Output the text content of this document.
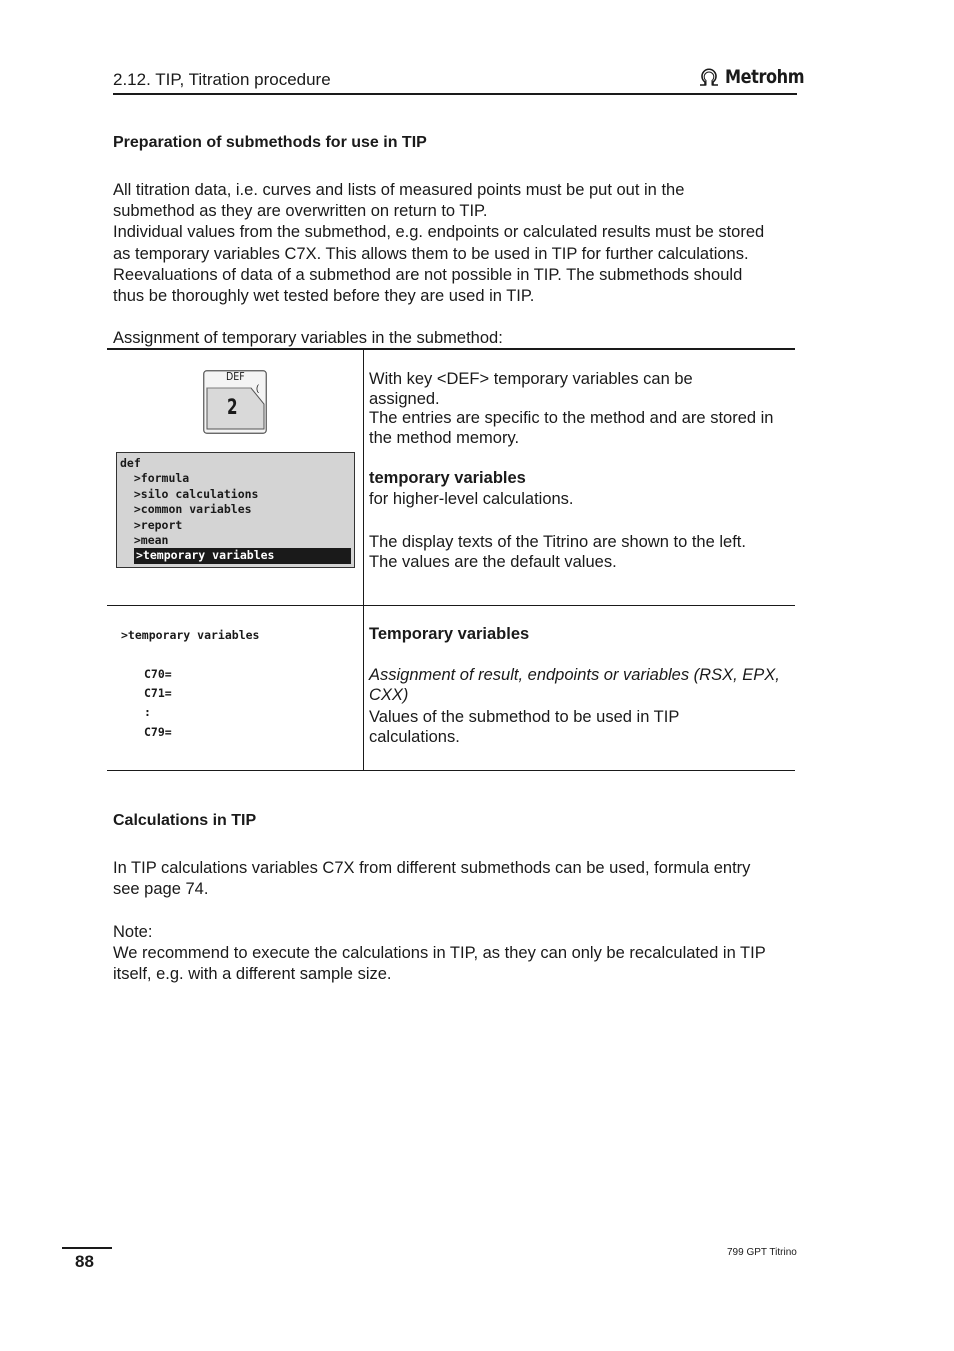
2.12. TIP, Titration procedure	Metrohm
Preparation of submethods for use in TIP

All titration data, i.e. curves and lists of measured points must be put out in the

submethod as they are overwritten on return to TIP.

Individual values from the submethod, e.g. endpoints or calculated results must be stored

as temporary variables C7X. This allows them to be used in TIP for further calculations.

Reevaluations of data of a submethod are not possible in TIP. The submethods should

thus be thoroughly wet tested before they are used in TIP.

Assignment of temporary variables in the submethod:
DEF
(
2
def
>formula
>silo calculations
>common variables
>report
>mean
>temporary variables

With key <DEF> temporary variables can be

assigned.

The entries are specific to the method and are stored in

the method memory.

temporary variables
for higher-level calculations.

The display texts of the Titrino are shown to the left.

The values are the default values.

>temporary variables
C70=
C71=
:
C79=
Temporary variables

Assignment of result, endpoints or variables (RSX, EPX,

CXX)

Values of the submethod to be used in TIP

calculations.

Calculations in TIP

In TIP calculations variables C7X from different submethods can be used, formula entry

see page 74.

Note:

We recommend to execute the calculations in TIP, as they can only be recalculated in TIP

itself, e.g. with a different sample size.

88	799 GPT Titrino
